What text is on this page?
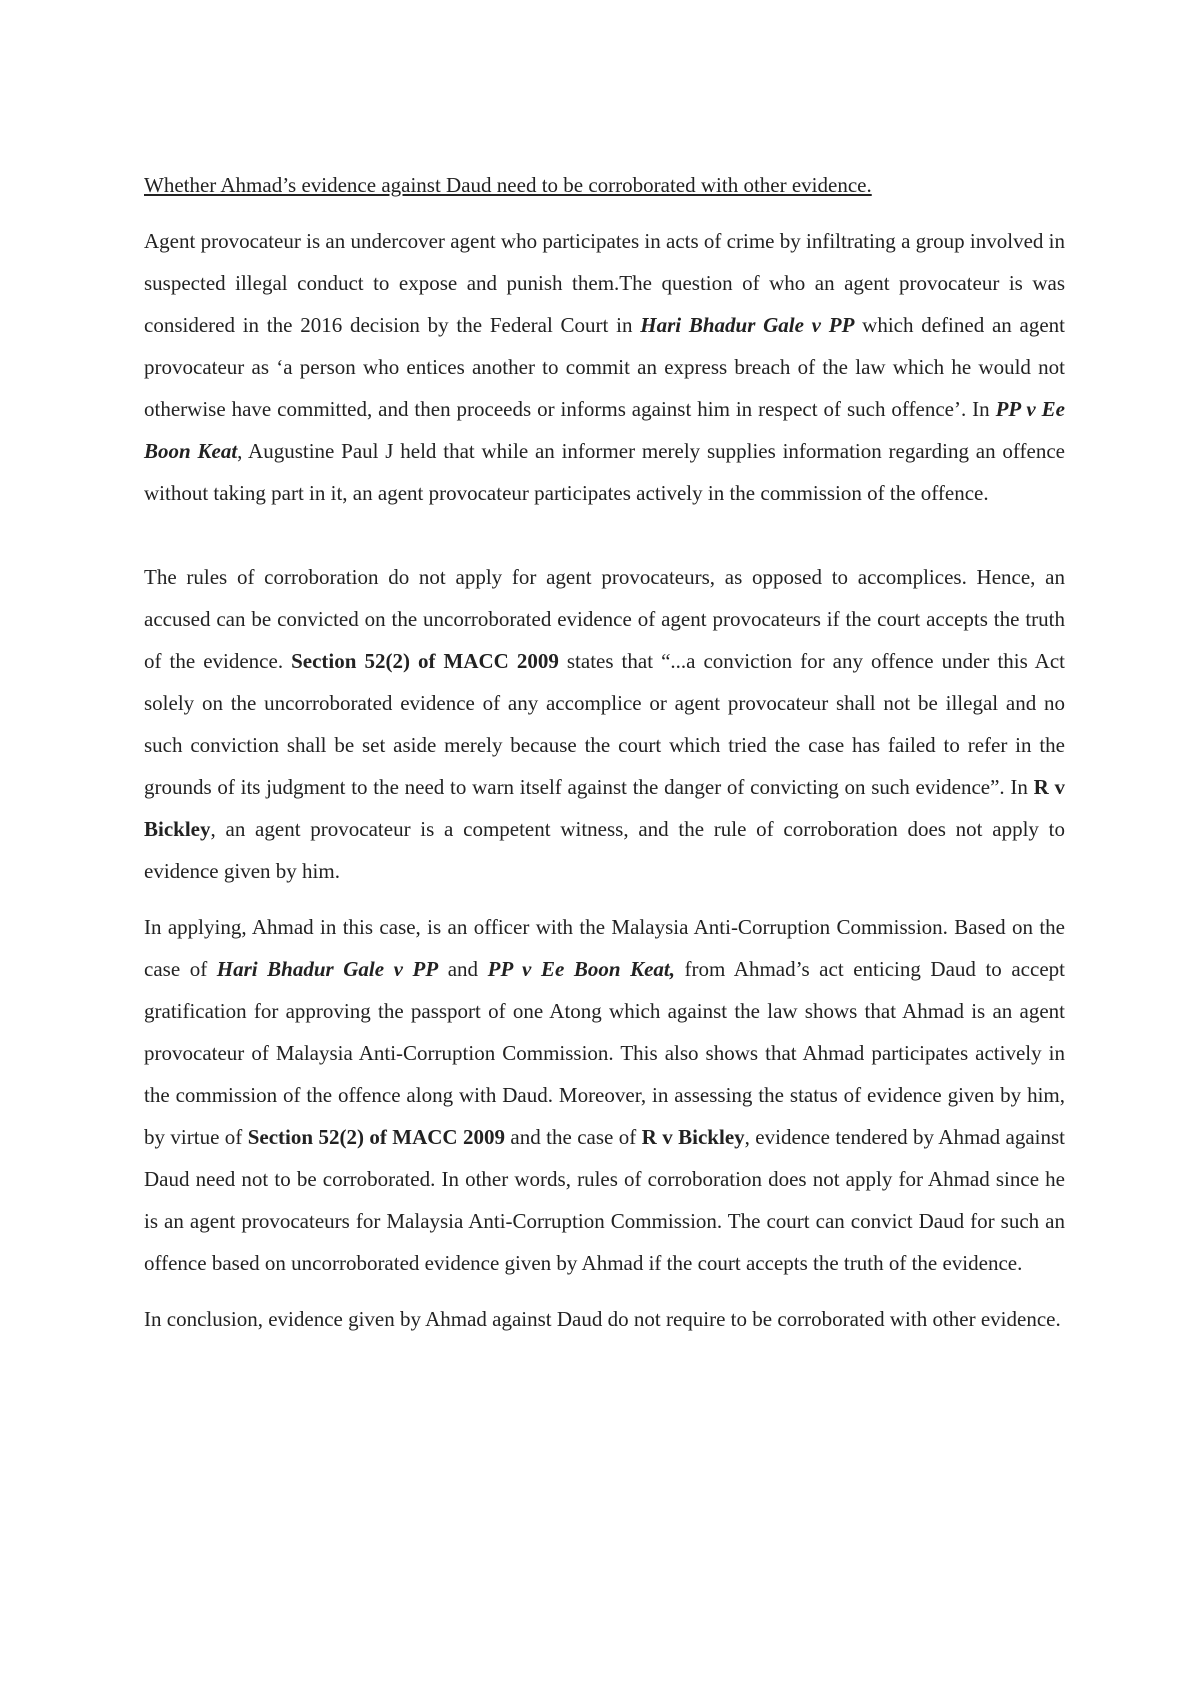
Whether Ahmad’s evidence against Daud need to be corroborated with other evidence.

Agent provocateur is an undercover agent who participates in acts of crime by infiltrating a group involved in suspected illegal conduct to expose and punish them.The question of who an agent provocateur is was considered in the 2016 decision by the Federal Court in Hari Bhadur Gale v PP which defined an agent provocateur as ‘a person who entices another to commit an express breach of the law which he would not otherwise have committed, and then proceeds or informs against him in respect of such offence’. In PP v Ee Boon Keat, Augustine Paul J held that while an informer merely supplies information regarding an offence without taking part in it, an agent provocateur participates actively in the commission of the offence.

The rules of corroboration do not apply for agent provocateurs, as opposed to accomplices. Hence, an accused can be convicted on the uncorroborated evidence of agent provocateurs if the court accepts the truth of the evidence. Section 52(2) of MACC 2009 states that “...a conviction for any offence under this Act solely on the uncorroborated evidence of any accomplice or agent provocateur shall not be illegal and no such conviction shall be set aside merely because the court which tried the case has failed to refer in the grounds of its judgment to the need to warn itself against the danger of convicting on such evidence”. In R v Bickley, an agent provocateur is a competent witness, and the rule of corroboration does not apply to evidence given by him.

In applying, Ahmad in this case, is an officer with the Malaysia Anti-Corruption Commission. Based on the case of Hari Bhadur Gale v PP and PP v Ee Boon Keat, from Ahmad’s act enticing Daud to accept gratification for approving the passport of one Atong which against the law shows that Ahmad is an agent provocateur of Malaysia Anti-Corruption Commission. This also shows that Ahmad participates actively in the commission of the offence along with Daud. Moreover, in assessing the status of evidence given by him, by virtue of Section 52(2) of MACC 2009 and the case of R v Bickley, evidence tendered by Ahmad against Daud need not to be corroborated. In other words, rules of corroboration does not apply for Ahmad since he is an agent provocateurs for Malaysia Anti-Corruption Commission. The court can convict Daud for such an offence based on uncorroborated evidence given by Ahmad if the court accepts the truth of the evidence.

In conclusion, evidence given by Ahmad against Daud do not require to be corroborated with other evidence.
